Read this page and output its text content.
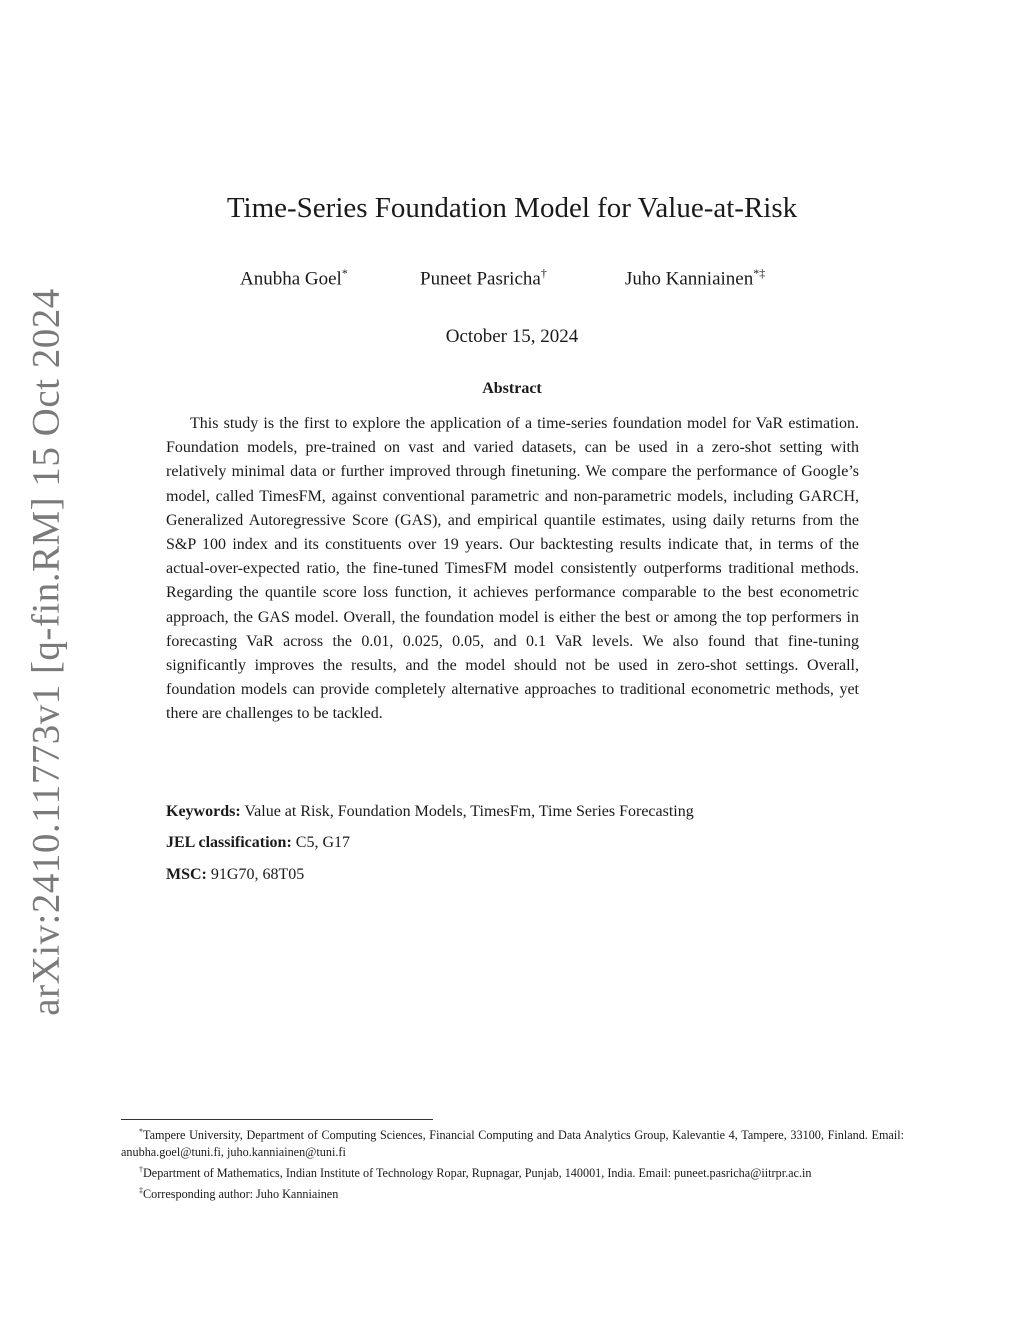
arXiv:2410.11773v1 [q-fin.RM] 15 Oct 2024
Time-Series Foundation Model for Value-at-Risk
Anubha Goel*	Puneet Pasricha†	Juho Kanniainen*‡
October 15, 2024
Abstract

This study is the first to explore the application of a time-series foundation model for VaR estimation. Foundation models, pre-trained on vast and varied datasets, can be used in a zero-shot setting with relatively minimal data or further improved through finetuning. We compare the performance of Google’s model, called TimesFM, against conventional parametric and non-parametric models, including GARCH, Generalized Autoregressive Score (GAS), and empirical quantile estimates, using daily returns from the S&P 100 index and its constituents over 19 years. Our backtesting results indicate that, in terms of the actual-over-expected ratio, the fine-tuned TimesFM model consistently outperforms traditional methods. Regarding the quantile score loss function, it achieves performance comparable to the best econometric approach, the GAS model. Overall, the foundation model is either the best or among the top performers in forecasting VaR across the 0.01, 0.025, 0.05, and 0.1 VaR levels. We also found that fine-tuning significantly improves the results, and the model should not be used in zero-shot settings. Overall, foundation models can provide completely alternative approaches to traditional econometric methods, yet there are challenges to be tackled.

Keywords: Value at Risk, Foundation Models, TimesFm, Time Series Forecasting
JEL classification: C5, G17
MSC: 91G70, 68T05

*Tampere University, Department of Computing Sciences, Financial Computing and Data Analytics Group, Kalevantie 4, Tampere, 33100, Finland. Email: anubha.goel@tuni.fi, juho.kanniainen@tuni.fi

†Department of Mathematics, Indian Institute of Technology Ropar, Rupnagar, Punjab, 140001, India. Email: puneet.pasricha@iitrpr.ac.in

‡Corresponding author: Juho Kanniainen
